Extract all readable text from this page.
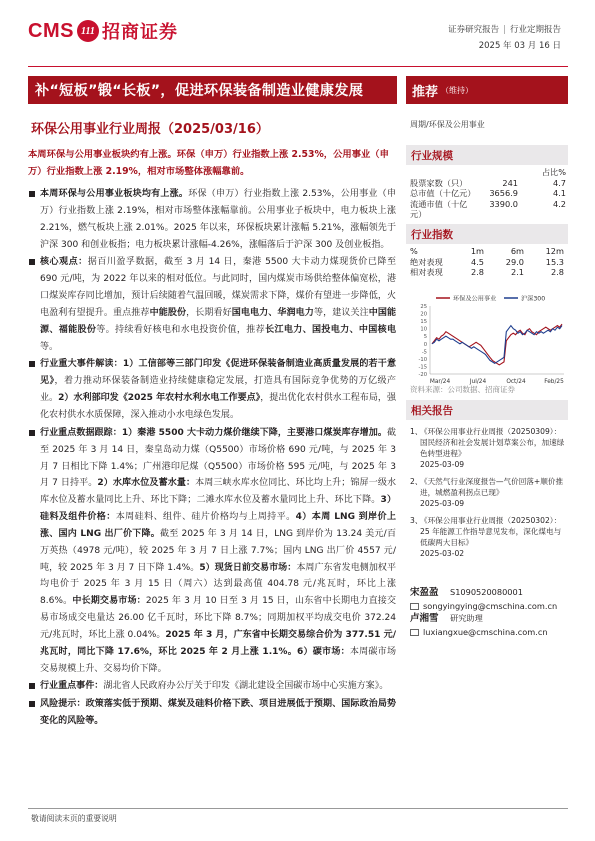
CMS 111 招商证券	证券研究报告 | 行业定期报告
2025 年 03 月 16 日
补“短板”锻“长板”，促进环保装备制造业健康发展
环保公用事业行业周报（2025/03/16）
本周环保与公用事业板块约有上涨。环保（申万）行业指数上涨 2.53%，公用事业（申万）行业指数上涨 2.19%，相对市场整体涨幅靠前。
本周环保与公用事业板块均有上涨。环保（申万）行业指数上涨 2.53%，公用事业（申万）行业指数上涨 2.19%，相对市场整体涨幅靠前。公用事业子板块中，电力板块上涨 2.21%，燃气板块上涨 2.01%。2025 年以来，环保板块累计涨幅 5.21%，涨幅领先于沪深 300 和创业板指；电力板块累计涨幅-4.26%，涨幅落后于沪深 300 及创业板指。
核心观点：据百川盈孚数据，截至 3 月 14 日，秦港 5500 大卡动力煤现货价已降至 690 元/吨，为 2022 年以来的相对低位。与此同时，国内煤炭市场供给整体偏宽松，港口煤炭库存同比增加，预计后续随着气温回暖，煤炭需求下降，煤价有望进一步降低，火电盈利有望提升。重点推荐中能股份，长期看好国电电力、华润电力等，建议关注中国能源、福能股份等。持续看好核电和水电投资价值，推荐长江电力、国投电力、中国核电等。
行业重大事件解读：1）工信部等三部门印发《促进环保装备制造业高质量发展的若干意见》，着力推动环保装备制造业持续健康稳定发展，打造具有国际竞争优势的万亿级产业。2）水利部印发《2025 年农村水利水电工作要点》，提出优化农村供水工程布局，强化农村供水水质保障，深入推动小水电绿色发展。
行业重点数据跟踪：1）秦港 5500 大卡动力煤价继续下降，主要港口煤炭库存增加。截至 2025 年 3 月 14 日，秦皇岛动力煤（Q5500）市场价格 690 元/吨，与 2025 年 3 月 7 日相比下降 1.4%；广州港印尼煤（Q5500）市场价格 595 元/吨，与 2025 年 3 月 7 日持平。2）水库水位及蓄水量：本周三峡水库水位同比、环比均上升；锦屏一级水库水位及蓄水量同比上升、环比下降；二滩水库水位及蓄水量同比上升、环比下降。3）硅料及组件价格：本周硅料、组件、硅片价格均与上周持平。4）本周 LNG 到岸价上涨、国内 LNG 出厂价下降。截至 2025 年 3 月 14 日，LNG 到岸价为 13.24 美元/百万英热（4978 元/吨），较 2025 年 3 月 7 日上涨 7.7%；国内 LNG 出厂价 4557 元/吨，较 2025 年 3 月 7 日下降 1.4%。5）现货日前交易市场：本周广东省发电侧加权平均电价于 2025 年 3 月 15 日（周六）达到最高值 404.78 元/兆瓦时，环比上涨 8.6%。中长期交易市场：2025 年 3 月 10 日至 3 月 15 日，山东省中长期电力直接交易市场成交电量达 26.00 亿千瓦时，环比下降 8.7%；同期加权平均成交电价 372.24 元/兆瓦时，环比上涨 0.04%。2025 年 3 月，广东省中长期交易综合价为 377.51 元/兆瓦时，同比下降 17.6%，环比 2025 年 2 月上涨 1.1%。6）碳市场：本周碳市场交易规模上升、交易均价下降。
行业重点事件：湖北省人民政府办公厅关于印发《湖北建设全国碳市场中心实施方案》。
风险提示：政策落实低于预期、煤炭及硅料价格下跌、项目进展低于预期、国际政治局势变化的风险等。
推荐 （维持）
周期/环保及公用事业
行业规模
占比%
股票家数（只）	241	4.7
总市值（十亿元）	3656.9	4.1
流通市值（十亿元）
3390.0	4.2
行业指数
%	1m	6m	12m
绝对表现	4.5	29.0	15.3
相对表现	2.8	2.1	2.8
环保及公用事业	沪深300
-20
-15
-10
-5
0
5
10
15
20
25
Mar/24	Jul/24	Oct/24	Feb/25
资料来源：公司数据、招商证券
相关报告
1、
《环保公用事业行业周报（20250309）：国民经济和社会发展计划草案公布，加速绿色转型进程》
2025-03-09
2、
《天然气行业深度报告—气价回落+顺价推进，城燃盈利拐点已现》
2025-03-09
3、
《环保公用事业行业周报（20250302）：25 年能源工作指导意见发布，深化煤电与低碳两大目标》
2025-03-02
宋盈盈	S1090520080001
songyingying@cmschina.com.cn
卢湘雪	研究助理
luxiangxue@cmschina.com.cn
敬请阅读末页的重要说明
